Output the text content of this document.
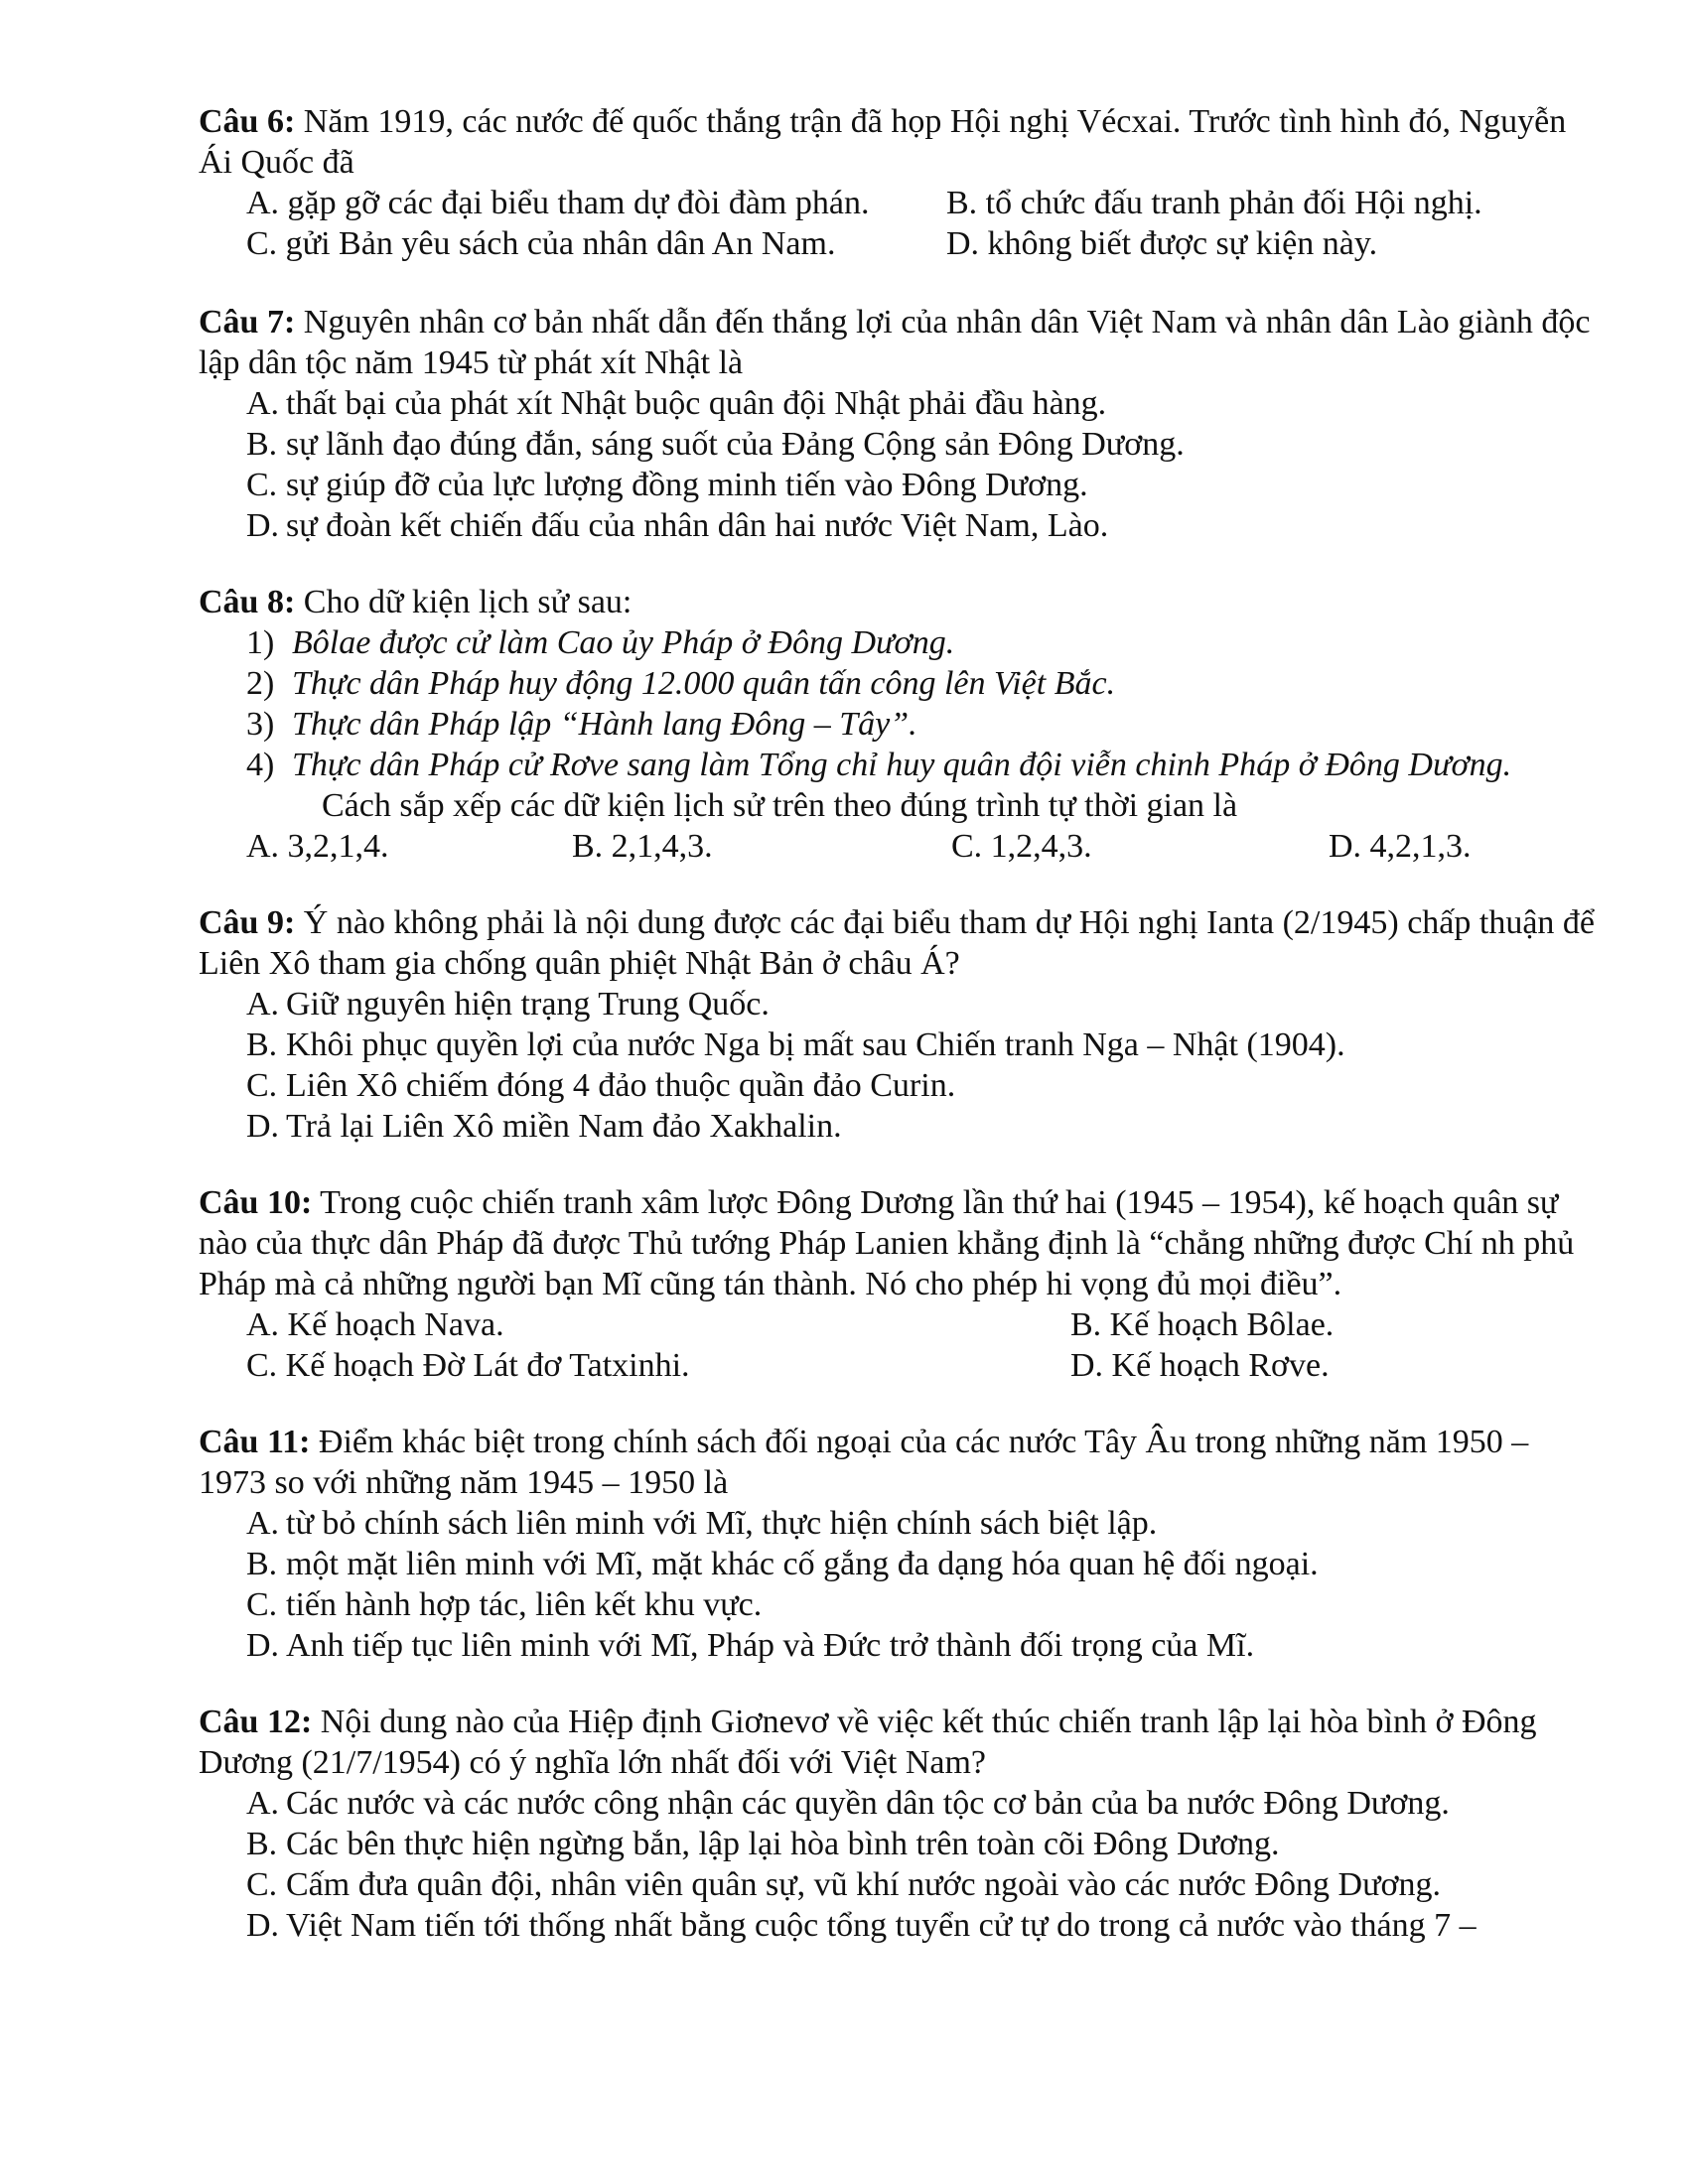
Câu 6: Năm 1919, các nước đế quốc thắng trận đã họp Hội nghị Vécxai. Trước tình hình đó, Nguyễn Ái Quốc đã

A. gặp gỡ các đại biểu tham dự đòi đàm phán.	B. tổ chức đấu tranh phản đối Hội nghị.

C. gửi Bản yêu sách của nhân dân An Nam.	D. không biết được sự kiện này.

Câu 7: Nguyên nhân cơ bản nhất dẫn đến thắng lợi của nhân dân Việt Nam và nhân dân Lào giành độc lập dân tộc năm 1945 từ phát xít Nhật là

A. thất bại của phát xít Nhật buộc quân đội Nhật phải đầu hàng.

B. sự lãnh đạo đúng đắn, sáng suốt của Đảng Cộng sản Đông Dương.

C. sự giúp đỡ của lực lượng đồng minh tiến vào Đông Dương.

D. sự đoàn kết chiến đấu của nhân dân hai nước Việt Nam, Lào.

Câu 8: Cho dữ kiện lịch sử sau:

1) Bôlae được cử làm Cao ủy Pháp ở Đông Dương.

2) Thực dân Pháp huy động 12.000 quân tấn công lên Việt Bắc.

3) Thực dân Pháp lập “Hành lang Đông – Tây”.

4) Thực dân Pháp cử Rơve sang làm Tổng chỉ huy quân đội viễn chinh Pháp ở Đông Dương.

Cách sắp xếp các dữ kiện lịch sử trên theo đúng trình tự thời gian là

A. 3,2,1,4.	B. 2,1,4,3.	C. 1,2,4,3.	D. 4,2,1,3.

Câu 9: Ý nào không phải là nội dung được các đại biểu tham dự Hội nghị Ianta (2/1945) chấp thuận để Liên Xô tham gia chống quân phiệt Nhật Bản ở châu Á?

A. Giữ nguyên hiện trạng Trung Quốc.

B. Khôi phục quyền lợi của nước Nga bị mất sau Chiến tranh Nga – Nhật (1904).

C. Liên Xô chiếm đóng 4 đảo thuộc quần đảo Curin.

D. Trả lại Liên Xô miền Nam đảo Xakhalin.

Câu 10: Trong cuộc chiến tranh xâm lược Đông Dương lần thứ hai (1945 – 1954), kế hoạch quân sự nào của thực dân Pháp đã được Thủ tướng Pháp Lanien khẳng định là “chẳng những được Chí nh phủ Pháp mà cả những người bạn Mĩ cũng tán thành. Nó cho phép hi vọng đủ mọi điều”.

A. Kế hoạch Nava.	B. Kế hoạch Bôlae.

C. Kế hoạch Đờ Lát đơ Tatxinhi.	D. Kế hoạch Rơve.

Câu 11: Điểm khác biệt trong chính sách đối ngoại của các nước Tây Âu trong những năm 1950 – 1973 so với những năm 1945 – 1950 là

A. từ bỏ chính sách liên minh với Mĩ, thực hiện chính sách biệt lập.

B. một mặt liên minh với Mĩ, mặt khác cố gắng đa dạng hóa quan hệ đối ngoại.

C. tiến hành hợp tác, liên kết khu vực.

D. Anh tiếp tục liên minh với Mĩ, Pháp và Đức trở thành đối trọng của Mĩ.

Câu 12: Nội dung nào của Hiệp định Giơnevơ về việc kết thúc chiến tranh lập lại hòa bình ở Đông Dương (21/7/1954) có ý nghĩa lớn nhất đối với Việt Nam?

A. Các nước và các nước công nhận các quyền dân tộc cơ bản của ba nước Đông Dương.

B. Các bên thực hiện ngừng bắn, lập lại hòa bình trên toàn cõi Đông Dương.

C. Cấm đưa quân đội, nhân viên quân sự, vũ khí nước ngoài vào các nước Đông Dương.

D. Việt Nam tiến tới thống nhất bằng cuộc tổng tuyển cử tự do trong cả nước vào tháng 7 –
